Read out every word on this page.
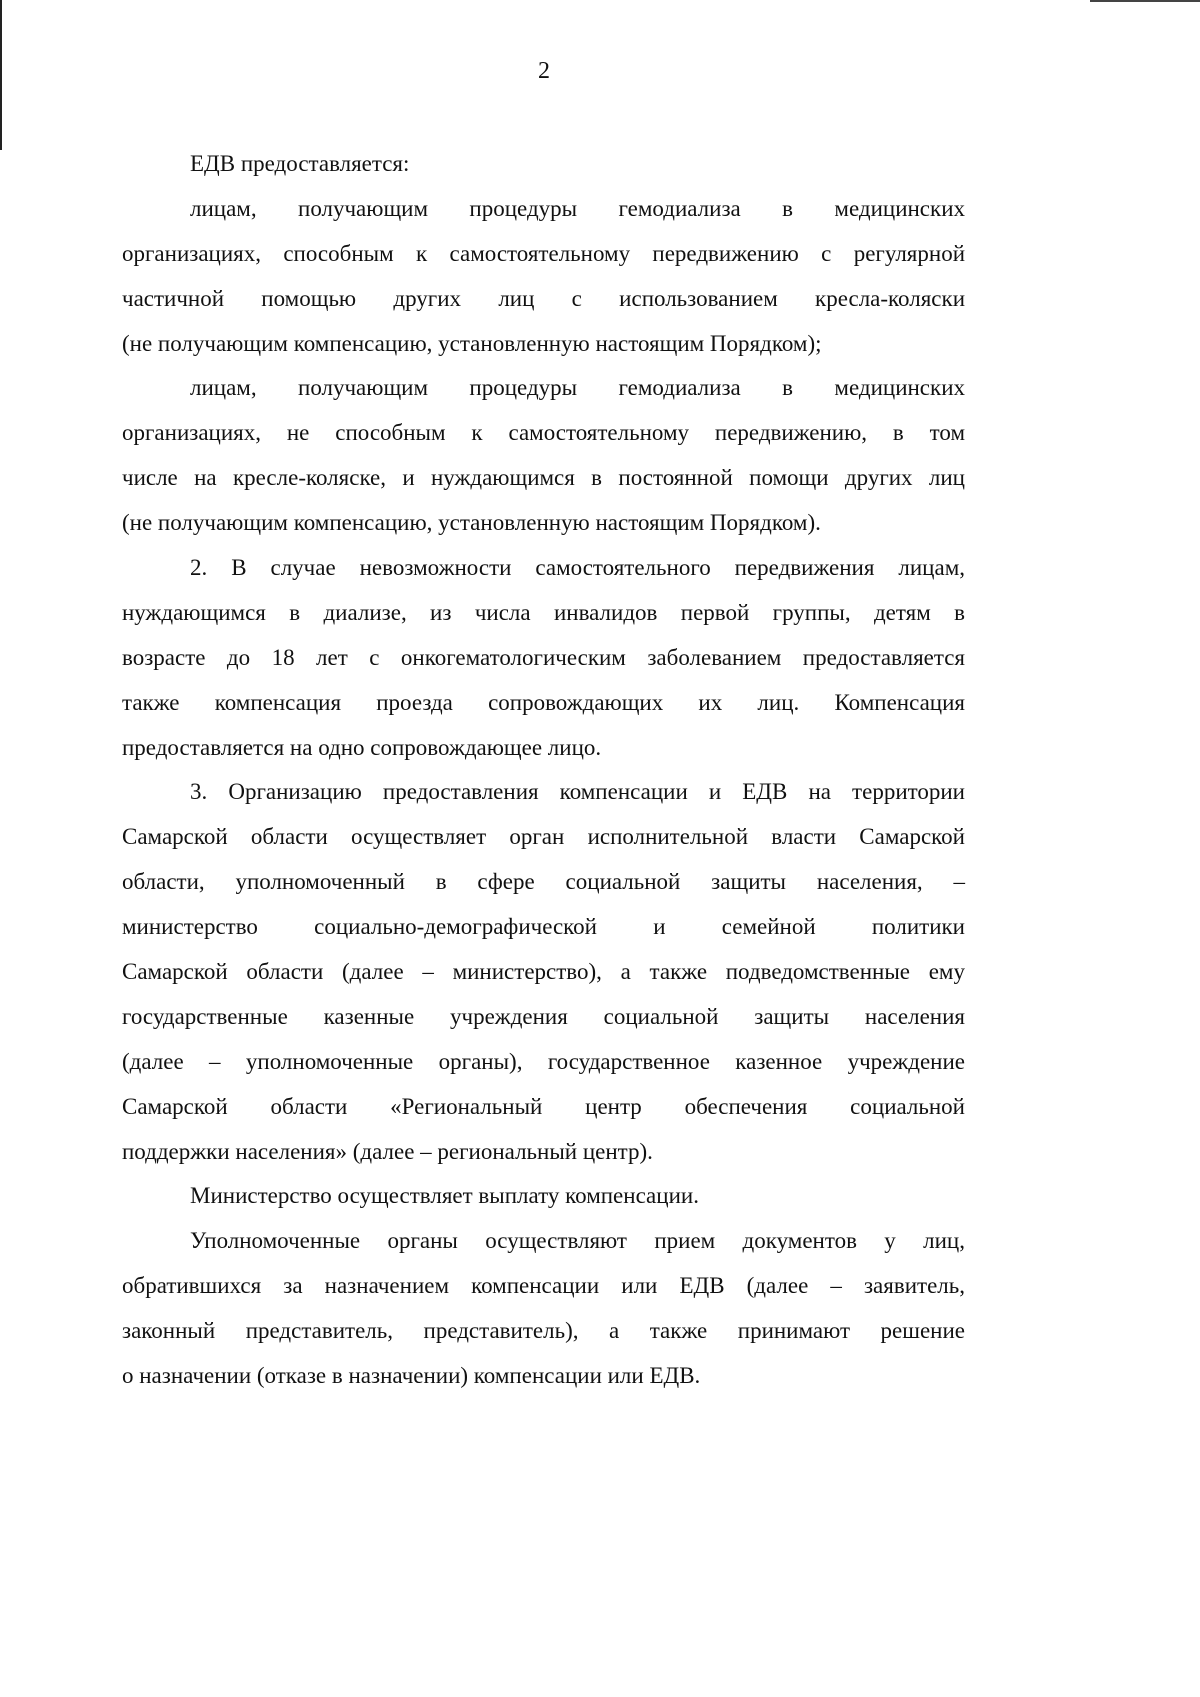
2
ЕДВ предоставляется:
лицам, получающим процедуры гемодиализа в медицинских
организациях, способным к самостоятельному передвижению с регулярной
частичной помощью других лиц с использованием кресла-коляски
(не получающим компенсацию, установленную настоящим Порядком);
лицам, получающим процедуры гемодиализа в медицинских
организациях, не способным к самостоятельному передвижению, в том
числе на кресле-коляске, и нуждающимся в постоянной помощи других лиц
(не получающим компенсацию, установленную настоящим Порядком).
2. В случае невозможности самостоятельного передвижения лицам,
нуждающимся в диализе, из числа инвалидов первой группы, детям в
возрасте до 18 лет с онкогематологическим заболеванием предоставляется
также компенсация проезда сопровождающих их лиц. Компенсация
предоставляется на одно сопровождающее лицо.
3. Организацию предоставления компенсации и ЕДВ на территории
Самарской области осуществляет орган исполнительной власти Самарской
области, уполномоченный в сфере социальной защиты населения, –
министерство социально-демографической и семейной политики
Самарской области (далее – министерство), а также подведомственные ему
государственные казенные учреждения социальной защиты населения
(далее – уполномоченные органы), государственное казенное учреждение
Самарской области «Региональный центр обеспечения социальной
поддержки населения» (далее – региональный центр).
Министерство осуществляет выплату компенсации.
Уполномоченные органы осуществляют прием документов у лиц,
обратившихся за назначением компенсации или ЕДВ (далее – заявитель,
законный представитель, представитель), а также принимают решение
о назначении (отказе в назначении) компенсации или ЕДВ.
